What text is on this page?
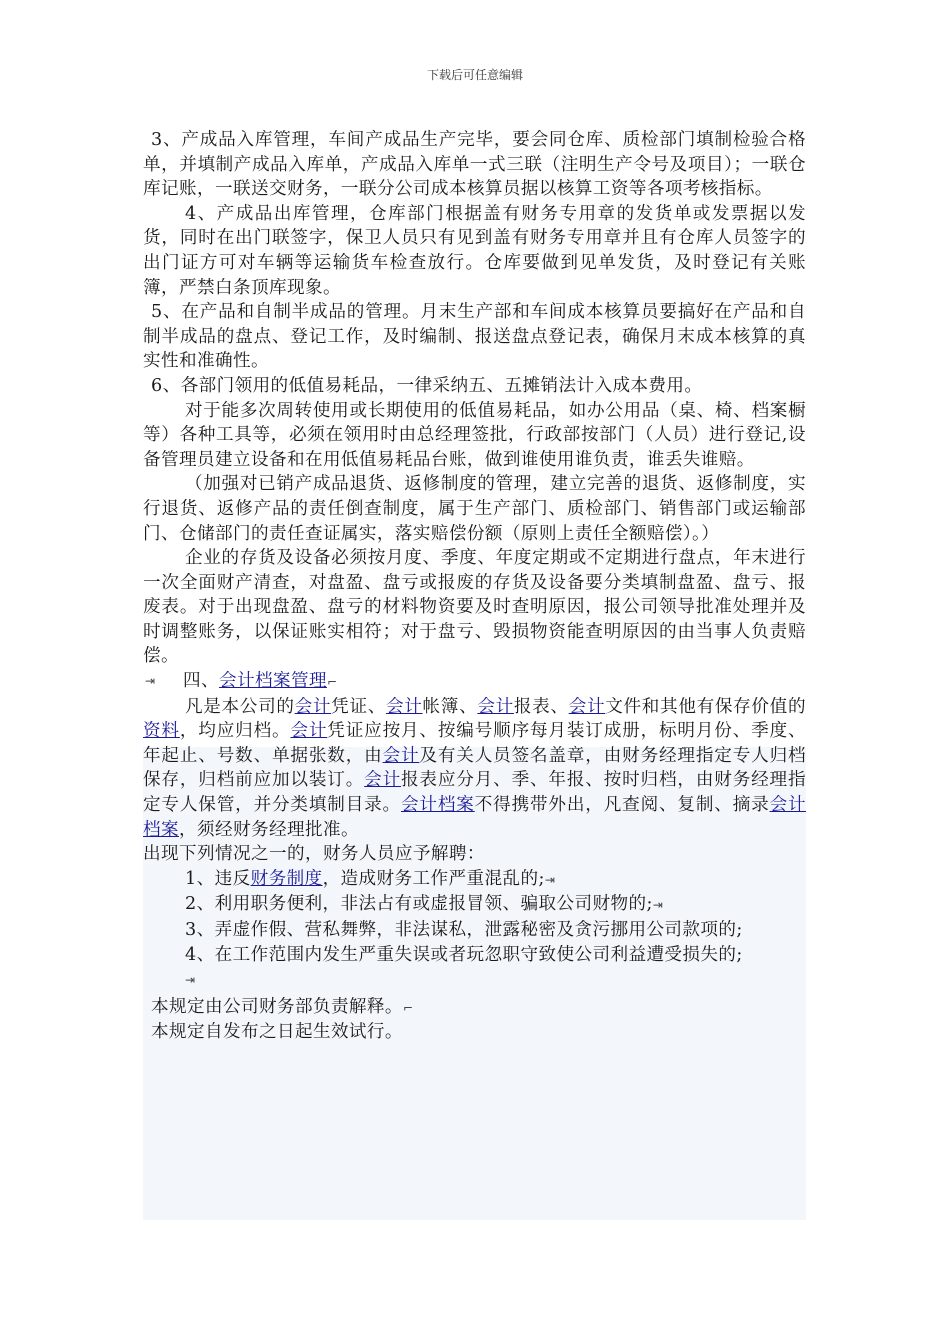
下载后可任意编辑

3、产成品入库管理，车间产成品生产完毕，要会同仓库、质检部门填制检验合格单，并填制产成品入库单，产成品入库单一式三联（注明生产令号及项目）；一联仓库记账，一联送交财务，一联分公司成本核算员据以核算工资等各项考核指标。

4、产成品出库管理，仓库部门根据盖有财务专用章的发货单或发票据以发货，同时在出门联签字，保卫人员只有见到盖有财务专用章并且有仓库人员签字的出门证方可对车辆等运输货车检查放行。仓库要做到见单发货，及时登记有关账簿，严禁白条顶库现象。

5、在产品和自制半成品的管理。月末生产部和车间成本核算员要搞好在产品和自制半成品的盘点、登记工作，及时编制、报送盘点登记表，确保月末成本核算的真实性和准确性。

6、各部门领用的低值易耗品，一律采纳五、五摊销法计入成本费用。

对于能多次周转使用或长期使用的低值易耗品，如办公用品（桌、椅、档案橱等）各种工具等，必须在领用时由总经理签批，行政部按部门（人员）进行登记,设备管理员建立设备和在用低值易耗品台账，做到谁使用谁负责，谁丢失谁赔。

（加强对已销产成品退货、返修制度的管理，建立完善的退货、返修制度，实行退货、返修产品的责任倒查制度，属于生产部门、质检部门、销售部门或运输部门、仓储部门的责任查证属实，落实赔偿份额（原则上责任全额赔偿）。）

企业的存货及设备必须按月度、季度、年度定期或不定期进行盘点，年末进行一次全面财产清查，对盘盈、盘亏或报废的存货及设备要分类填制盘盈、盘亏、报废表。对于出现盘盈、盘亏的材料物资要及时查明原因，报公司领导批准处理并及时调整账务，以保证账实相符；对于盘亏、毁损物资能查明原因的由当事人负责赔偿。

⇥ 四、会计档案管理⌐

凡是本公司的会计凭证、会计帐簿、会计报表、会计文件和其他有保存价值的资料，均应归档。会计凭证应按月、按编号顺序每月装订成册，标明月份、季度、年起止、号数、单据张数，由会计及有关人员签名盖章，由财务经理指定专人归档保存，归档前应加以装订。会计报表应分月、季、年报、按时归档，由财务经理指定专人保管，并分类填制目录。会计档案不得携带外出，凡查阅、复制、摘录会计档案，须经财务经理批准。

出现下列情况之一的，财务人员应予解聘：

1、违反财务制度，造成财务工作严重混乱的;⇥

2、利用职务便利，非法占有或虚报冒领、骗取公司财物的;⇥

3、弄虚作假、营私舞弊，非法谋私，泄露秘密及贪污挪用公司款项的;

4、在工作范围内发生严重失误或者玩忽职守致使公司利益遭受损失的;
⇥

本规定由公司财务部负责解释。⌐

本规定自发布之日起生效试行。
